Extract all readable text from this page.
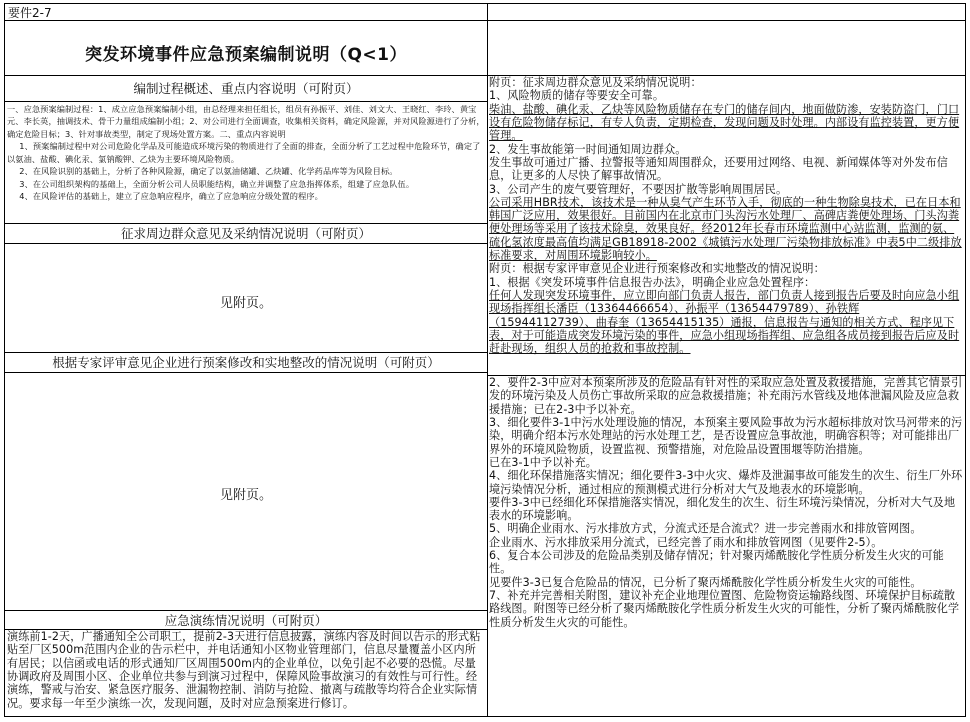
要件2-7
突发环境事件应急预案编制说明（Q<1）
编制过程概述、重点内容说明（可附页）

一、应急预案编制过程：1、成立应急预案编制小组，由总经理来担任组长，组员有孙振平、刘佳、刘文大、王晓红、李玲、黄宝元、李长英，抽调技术、骨干力量组成编制小组；2、对公司进行全面调查，收集相关资料，确定风险源，并对风险源进行了分析，确定危险目标；3、针对事故类型，制定了现场处置方案。二、重点内容说明

1、预案编制过程中对公司危险化学品及可能造成环境污染的物质进行了全面的排查，全面分析了工艺过程中危险环节，确定了以氨油、盐酸、碘化汞、氯钠酸钾、乙炔为主要环境风险物质。

2、在风险识别的基础上，分析了各种风险源，确定了以氨油储罐、乙炔罐、化学药品库等为风险目标。

3、在公司组织架构的基础上，全面分析公司人员职能结构，确立并调整了应急指挥体系，组建了应急队伍。

4、在风险评估的基础上，建立了应急响应程序，确立了应急响应分级处置的程序。

征求周边群众意见及采纳情况说明（可附页）
见附页。
根据专家评审意见企业进行预案修改和实地整改的情况说明（可附页）
见附页。
应急演练情况说明（可附页）

演练前1-2天，广播通知全公司职工，提前2-3天进行信息披露，演练内容及时间以告示的形式粘贴至厂区500m范围内企业的告示栏中，并电话通知小区物业管理部门，信息尽量覆盖小区内所有居民；以信函或电话的形式通知厂区周围500m内的企业单位，以免引起不必要的恐慌。尽量协调政府及周围小区、企业单位共参与到演习过程中，保障风险事故演习的有效性与可行性。经演练，警戒与治安、紧急医疗服务、泄漏物控制、消防与抢险、撤离与疏散等均符合企业实际情况。要求每一年至少演练一次，发现问题，及时对应急预案进行修订。

附页：征求周边群众意见及采纳情况说明：

1、风险物质的储存等要安全可靠。

柴油、盐酸、碘化汞、乙炔等风险物质储存在专门的储存间内，地面做防渗，安装防盗门，门口设有危险物储存标记，有专人负责，定期检查，发现问题及时处理。内部设有监控装置，更方便管理。

2、发生事故能第一时间通知周边群众。

发生事故可通过广播、拉警报等通知周围群众，还要用过网络、电视、新闻媒体等对外发布信息，让更多的人尽快了解事故情况。

3、公司产生的废气要管理好，不要因扩散等影响周围居民。

公司采用HBR技术，该技术是一种从臭气产生环节入手，彻底的一种生物除臭技术，已在日本和韩国广泛应用，效果很好。目前国内在北京市门头沟污水处理厂、高碑店粪便处理场、门头沟粪便处理场等采用了该技术除臭，效果良好。经2012年长春市环境监测中心站监测，监测的氨、硫化氢浓度最高值均满足GB18918-2002《城镇污水处理厂污染物排放标准》中表5中二级排放标准要求，对周围环境影响较小。

附页：根据专家评审意见企业进行预案修改和实地整改的情况说明：

1、根据《突发环境事件信息报告办法》，明确企业应急处置程序：

任何人发现突发环境事件，应立即向部门负责人报告，部门负责人接到报告后要及时向应急小组现场指挥组长潘臣（13364466654）、孙振平（13654479789）、孙铁辉（15944112739）、曲春奎（13654415135）通报，信息报告与通知的相关方式、程序见下表，对于可能造成突发环境污染的事件，应急小组现场指挥组、应急组各成员接到报告后应及时赶赴现场，组织人员的抢救和事故控制。

2、要件2-3中应对本预案所涉及的危险品有针对性的采取应急处置及救援措施，完善其它情景引发的环境污染及人员伤亡事故所采取的应急救援措施；补充雨污水管线及地体泄漏风险及应急救援措施；已在2-3中予以补充。

3、细化要件3-1中污水处理设施的情况，本预案主要风险事故为污水超标排放对饮马河带来的污染，明确介绍本污水处理站的污水处理工艺，是否设置应急事故池，明确容积等；对可能排出厂界外的环境风险物质，设置监视、预警措施，对危险品设置围堰等防治措施。

已在3-1中予以补充。

4、细化环保措施落实情况；细化要件3-3中火灾、爆炸及泄漏事故可能发生的次生、衍生厂外环境污染情况分析，通过相应的预测模式进行分析对大气及地表水的环境影响。

要件3-3中已经细化环保措施落实情况，细化发生的次生、衍生环境污染情况，分析对大气及地表水的环境影响。

5、明确企业雨水、污水排放方式，分流式还是合流式？进一步完善雨水和排放管网图。

企业雨水、污水排放采用分流式，已经完善了雨水和排放管网图（见要件2-5）。

6、复合本公司涉及的危险品类别及储存情况；针对聚丙烯酰胺化学性质分析发生火灾的可能性。

见要件3-3已复合危险品的情况，已分析了聚丙烯酰胺化学性质分析发生火灾的可能性。

7、补充并完善相关附图，建议补充企业地理位置图、危险物资运输路线图、环境保护目标疏散路线图。附图等已经分析了聚丙烯酰胺化学性质分析发生火灾的可能性，分析了聚丙烯酰胺化学性质分析发生火灾的可能性。
